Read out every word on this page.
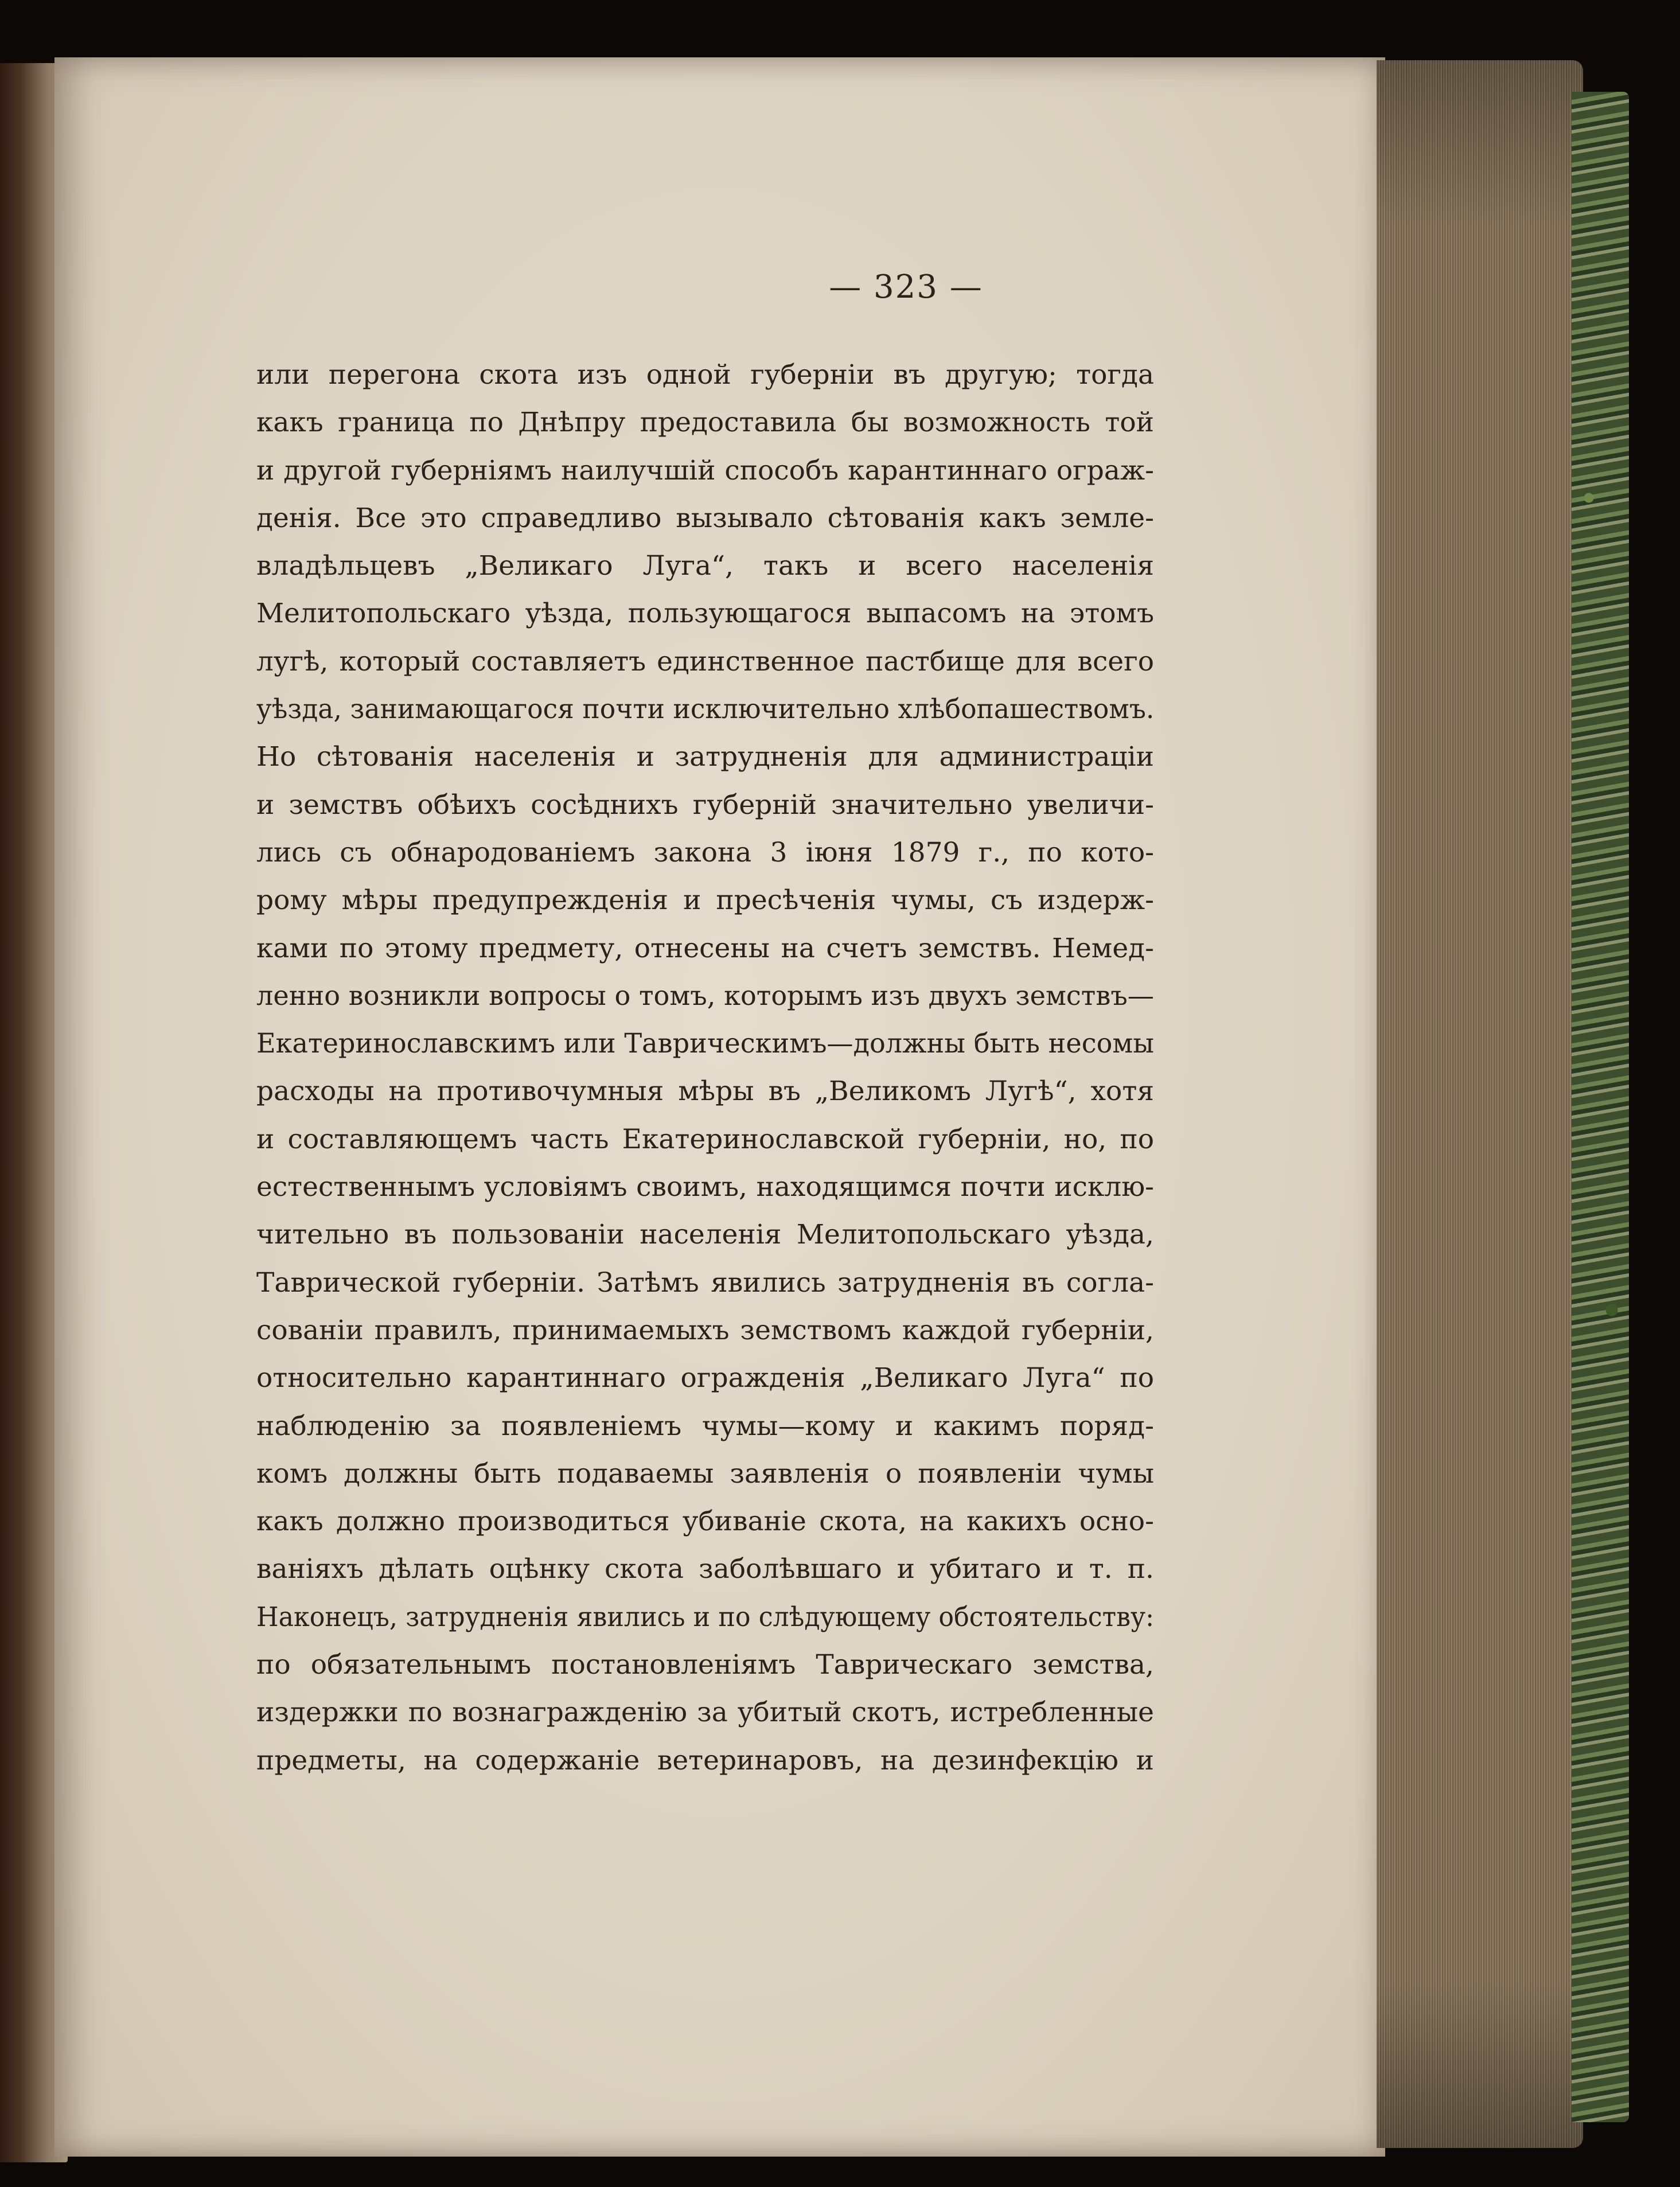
— 323 —
или перегона скота изъ одной губерніи въ другую; тогда
какъ граница по Днѣпру предоставила бы возможность той
и другой губерніямъ наилучшій способъ карантиннаго ограж-
денія. Все это справедливо вызывало сѣтованія какъ земле-
владѣльцевъ „Великаго Луга“, такъ и всего населенія
Мелитопольскаго уѣзда, пользующагося выпасомъ на этомъ
лугѣ, который составляетъ единственное пастбище для всего
уѣзда, занимающагося почти исключительно хлѣбопашествомъ.
Но сѣтованія населенія и затрудненія для администраціи
и земствъ обѣихъ сосѣднихъ губерній значительно увеличи-
лись съ обнародованіемъ закона 3 іюня 1879 г., по кото-
рому мѣры предупрежденія и пресѣченія чумы, съ издерж-
ками по этому предмету, отнесены на счетъ земствъ. Немед-
ленно возникли вопросы о томъ, которымъ изъ двухъ земствъ—
Екатеринославскимъ или Таврическимъ—должны быть несомы
расходы на противочумныя мѣры въ „Великомъ Лугѣ“, хотя
и составляющемъ часть Екатеринославской губерніи, но, по
естественнымъ условіямъ своимъ, находящимся почти исклю-
чительно въ пользованіи населенія Мелитопольскаго уѣзда,
Таврической губерніи. Затѣмъ явились затрудненія въ согла-
сованіи правилъ, принимаемыхъ земствомъ каждой губерніи,
относительно карантиннаго огражденія „Великаго Луга“ по
наблюденію за появленіемъ чумы—кому и какимъ поряд-
комъ должны быть подаваемы заявленія о появленіи чумы
какъ должно производиться убиваніе скота, на какихъ осно-
ваніяхъ дѣлать оцѣнку скота заболѣвшаго и убитаго и т. п.
Наконецъ, затрудненія явились и по слѣдующему обстоятельству:
по обязательнымъ постановленіямъ Таврическаго земства,
издержки по вознагражденію за убитый скотъ, истребленные
предметы, на содержаніе ветеринаровъ, на дезинфекцію и
